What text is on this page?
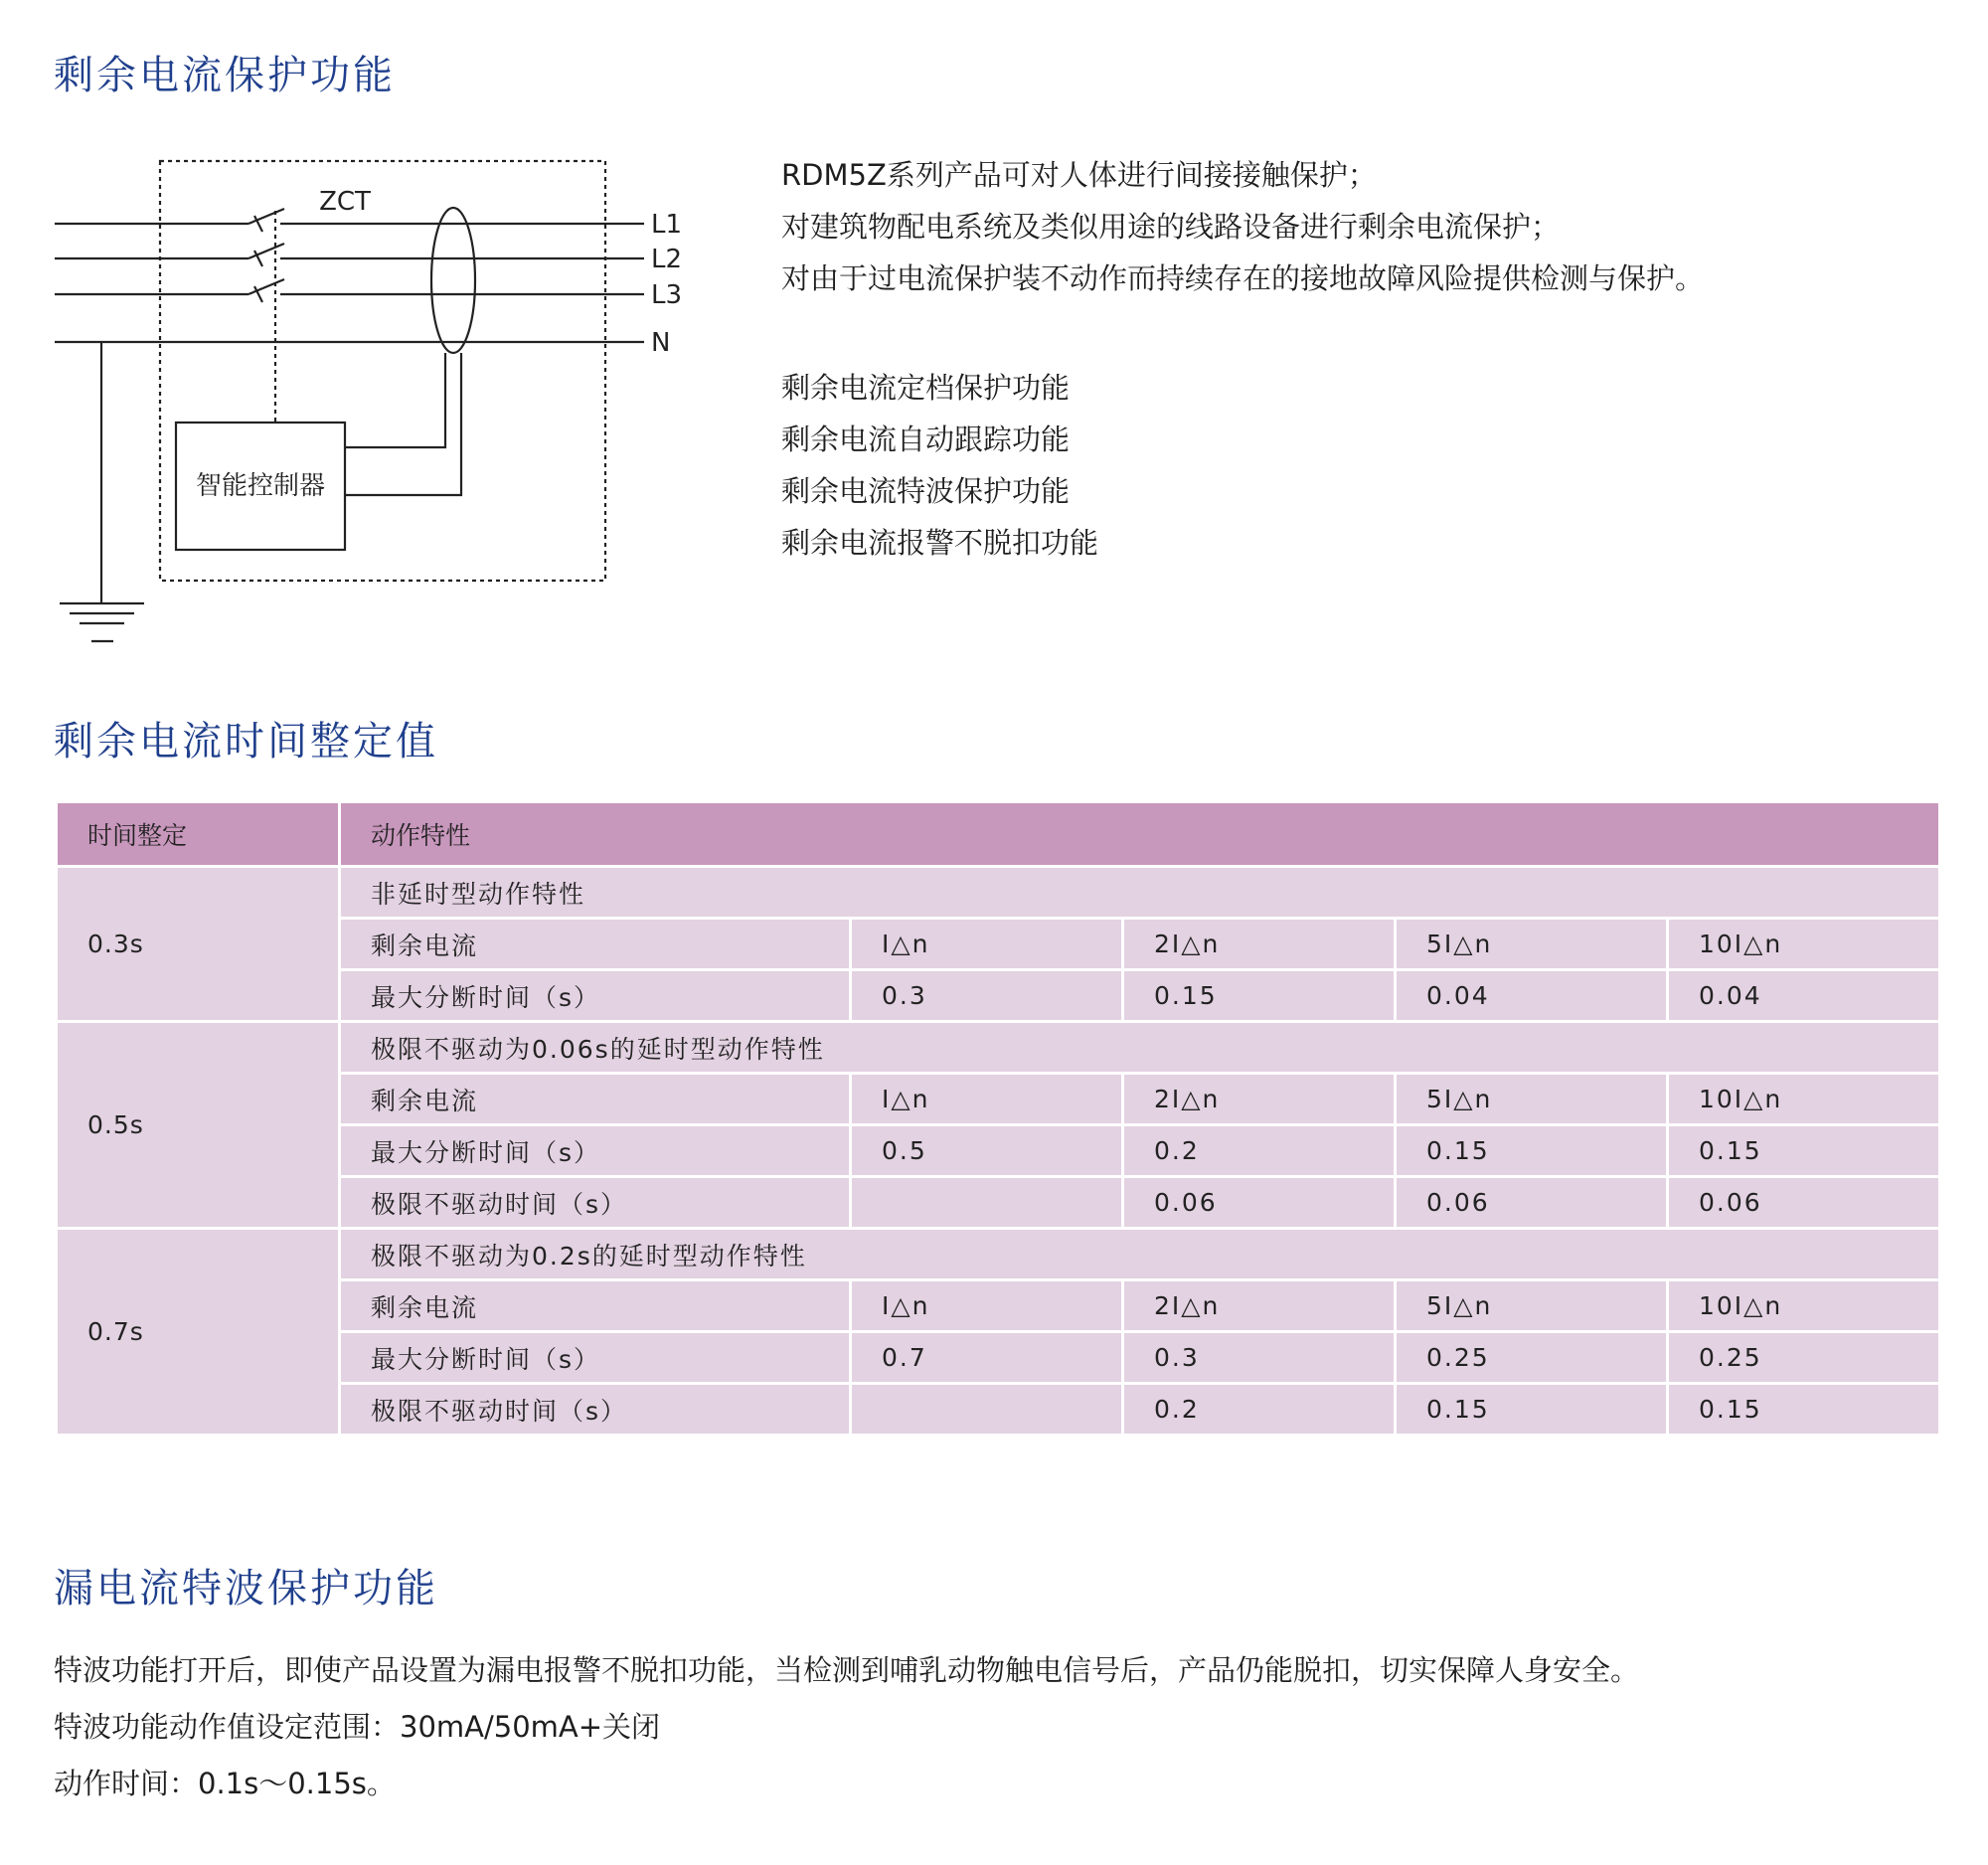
剩余电流保护功能
ZCT
L1
L2
L3
N
智能控制器

RDM5Z系列产品可对人体进行间接接触保护；

对建筑物配电系统及类似用途的线路设备进行剩余电流保护；

对由于过电流保护装不动作而持续存在的接地故障风险提供检测与保护。

剩余电流定档保护功能

剩余电流自动跟踪功能

剩余电流特波保护功能

剩余电流报警不脱扣功能

剩余电流时间整定值
时间整定	动作特性				
0.3s	非延时型动作特性				
	剩余电流	I△n	2I△n	5I△n	10I△n
	最大分断时间（s）	0.3	0.15	0.04	0.04
0.5s	极限不驱动为0.06s的延时型动作特性				
	剩余电流	I△n	2I△n	5I△n	10I△n
	最大分断时间（s）	0.5	0.2	0.15	0.15
	极限不驱动时间（s）		0.06	0.06	0.06
0.7s	极限不驱动为0.2s的延时型动作特性				
	剩余电流	I△n	2I△n	5I△n	10I△n
	最大分断时间（s）	0.7	0.3	0.25	0.25
	极限不驱动时间（s）		0.2	0.15	0.15
漏电流特波保护功能

特波功能打开后，即使产品设置为漏电报警不脱扣功能，当检测到哺乳动物触电信号后，产品仍能脱扣，切实保障人身安全。

特波功能动作值设定范围：30mA/50mA+关闭

动作时间：0.1s～0.15s。
